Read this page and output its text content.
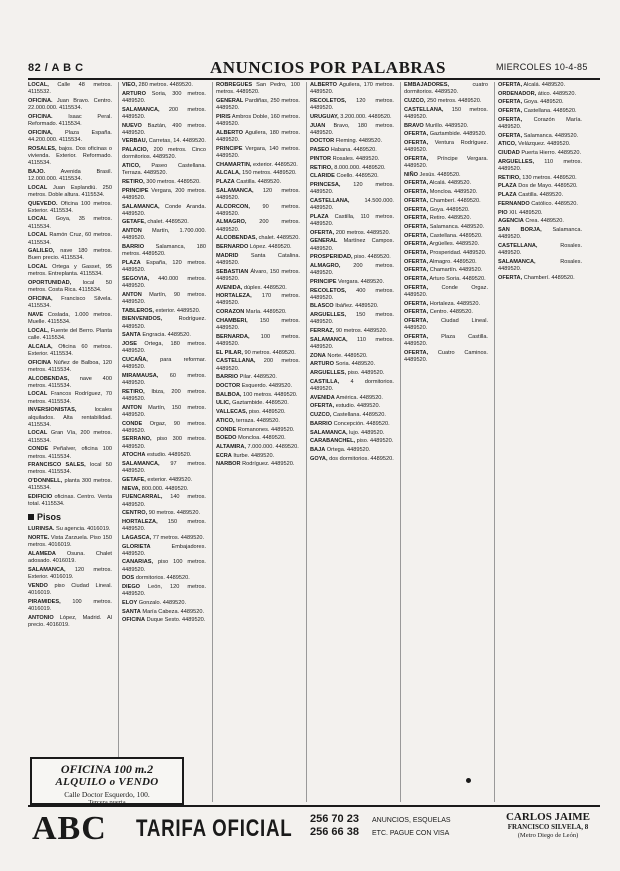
82 / A B C	ANUNCIOS POR PALABRAS	MIERCOLES 10-4-85

LOCAL, Calle 48 metros. 4115532.

OFICINA. Juan Bravo. Centro. 22.000.000. 4115534.

OFICINA.	Isaac Peral. Reformado. 4115534.

OFICINA, Plaza España. 44.200.000. 4115534.

ROSALES, bajos. Dos oficinas o vivienda. Exterior. Reformado. 4115534.

BAJO.	Avenida Brasil. 12.000.000. 4115534.

LOCAL Juan Esplandiú. 250 metros. Doble altura. 4115534.

QUEVEDO. Oficina 100 metros. Exterior. 4115534.

LOCAL Goya, 35 metros. 4115534.

LOCAL Ramón Cruz, 60 metros. 4115534.

GALILEO, nave 180 metros. Buen precio. 4115534.

LOCAL Ortega y Gasset, 95 metros. Entreplanta. 4115534.

OPORTUNIDAD, local 50 metros. Costa Rica. 4115534.

OFICINA, Francisco Silvela. 4115534.

NAVE Coslada, 1.000 metros. Muelle. 4115534.

LOCAL, Fuente del Berro. Planta calle. 4115534.

ALCALA, Oficina 60 metros. Exterior. 4115534.

OFICINA Núñez de Balboa, 120 metros. 4115534.

ALCOBENDAS, nave 400 metros. 4115534.

LOCAL Francos Rodríguez, 70 metros. 4115534.

INVERSIONISTAS,	locales alquilados. Alta rentabilidad. 4115534.

LOCAL Gran Vía, 200 metros. 4115534.

CONDE Peñalver, oficina 100 metros. 4115534.

FRANCISCO SALES, local 50 metros. 4115534.

O'DONNELL, planta 300 metros. 4115534.

EDIFICIO oficinas. Centro. Venta total. 4115534.

Pisos

LURINSA. Su agencia. 4016019.

NORTE. Vista Zarzuela. Piso 150 metros. 4016019.

ALAMEDA Osuna. Chalet adosado. 4016019.

SALAMANCA, 120 metros. Exterior. 4016019.

VENDO piso Ciudad Lineal. 4016019.

PIRAMIDES, 100 metros. 4016019.

ANTONIO López, Madrid. Al precio. 4016019.

VIEO, 280 metros. 4489520.

ARTURO Soria, 300 metros. 4489520.

SALAMANCA, 200 metros. 4489520.

NUEVO Baztán, 490 metros. 4489520.

VERBAU, Carretas, 14. 4489520.

PALACIO, 200 metros. Cinco dormitorios. 4489520.

ATICO, Paseo Castellana. Terraza. 4489520.

RETIRO, 300 metros. 4489520.

PRINCIPE Vergara, 200 metros. 4489520.

SALAMANCA, Conde Aranda. 4489520.

GETAFE, chalet. 4489520.

ANTON Martín, 1.700.000. 4489520.

BARRIO Salamanca, 180 metros. 4489520.

PLAZA España, 120 metros. 4489520.

SEGOVIA, 440.000 metros. 4489520.

ANTON Martín, 90 metros. 4489520.

TABLEROS, exterior. 4489520.

BIENVENIDOS,	Rodríguez. 4489520.

SANTA Engracia. 4489520.

JOSE Ortega, 180 metros. 4489520.

CUCAÑA, para reformar. 4489520.

MIRAMAUSA, 60 metros. 4489520.

RETIRO, Ibiza, 200 metros. 4489520.

ANTON Martín, 150 metros. 4489520.

CONDE Orgaz, 90 metros. 4489520.

SERRANO, piso 300 metros. 4489520.

ATOCHA estudio. 4489520.

SALAMANCA, 97 metros. 4489520.

GETAFE, exterior. 4489520.

NIEVA, 800.000. 4489520.

FUENCARRAL, 140 metros. 4489520.

CENTRO, 90 metros. 4489520.

HORTALEZA, 150 metros. 4489520.

LAGASCA, 77 metros. 4489520.

GLORIETA	Embajadores. 4489520.

CANARIAS, piso 100 metros. 4489520.

DOS dormitorios. 4489520.

DIEGO León, 120 metros. 4489520.

ELOY Gonzalo. 4489520.

SANTA María Cabeza. 4489520.

OFICINA Duque Sesto. 4489520.

ROBREGUES San Pedro, 100 metros. 4489520.

GENERAL Pardiñas, 250 metros. 4489520.

PIRIS Ambros Doble, 160 metros. 4489520.

ALBERTO Aguilera, 180 metros. 4489520.

PRINCIPE Vergara, 140 metros. 4489520.

CHAMARTIN, exterior. 4489520.

ALCALA, 150 metros. 4489520.

PLAZA Castilla. 4489520.

SALAMANCA, 120 metros. 4489520.

ALCORCON, 90 metros. 4489520.

ALMAGRO, 200 metros. 4489520.

ALCOBENDAS, chalet. 4489520.

BERNARDO López. 4489520.

MADRID Santa Catalina. 4489520.

SEBASTIAN Álvaro, 150 metros. 4489520.

AVENIDA, dúplex. 4489520.

HORTALEZA, 170 metros. 4489520.

CORAZON María. 4489520.

CHAMBERI, 150 metros. 4489520.

BERNARDA, 100 metros. 4489520.

EL PILAR, 90 metros. 4489520.

CASTELLANA, 200 metros. 4489520.

BARRIO Pilar. 4489520.

DOCTOR Esquerdo. 4489520.

BALBOA, 100 metros. 4489520.

ULIC, Gaztambide. 4489520.

VALLECAS, piso. 4489520.

ATICO, terraza. 4489520.

CONDE Romanones. 4489520.

BOEDO Moncloa. 4489520.

ALTAMIRA, 7.000.000. 4489520.

ECRA Iturbe. 4489520.

NARBOR Rodríguez. 4489520.

ALBERTO Aguilera, 170 metros. 4489520.

RECOLETOS, 120 metros. 4489520.

URUGUAY, 3.200.000. 4489520.

JUAN Bravo, 180 metros. 4489520.

DOCTOR Fleming. 4489520.

PASEO Habana. 4489520.

PINTOR Rosales. 4489520.

RETIRO, 8.000.000. 4489520.

CLARIDE Coello. 4489520.

PRINCESA, 120 metros. 4489520.

CASTELLANA,	14.500.000. 4489520.

PLAZA Castilla, 110 metros. 4489520.

OFERTA, 200 metros. 4489520.

GENERAL Martínez Campos. 4489520.

PROSPERIDAD, piso. 4489520.

ALMAGRO, 200 metros. 4489520.

PRINCIPE Vergara. 4489520.

RECOLETOS, 400 metros. 4489520.

BLASCO Ibáñez. 4489520.

ARGUELLES, 150 metros. 4489520.

FERRAZ, 90 metros. 4489520.

SALAMANCA, 110 metros. 4489520.

ZONA Norte. 4489520.

ARTURO Soria. 4489520.

ARGUELLES, piso. 4489520.

CASTILLA, 4 dormitorios. 4489520.

AVENIDA América. 4489520.

OFERTA, estudio. 4489520.

CUZCO, Castellana. 4489520.

BARRIO Concepción. 4489520.

SALAMANCA, lujo. 4489520.

CARABANCHEL, piso. 4489520.

BAJA Ortega. 4489520.

GOYA, dos dormitorios. 4489520.

EMBAJADORES,	cuatro dormitorios. 4489520.

CUZCO, 250 metros. 4489520.

CASTELLANA, 150 metros. 4489520.

BRAVO Murillo. 4489520.

OFERTA, Gaztambide. 4489520.

OFERTA, Ventura Rodríguez. 4489520.

OFERTA, Príncipe Vergara. 4489520.

NIÑO Jesús. 4489520.

OFERTA, Alcalá. 4489520.

OFERTA, Moncloa. 4489520.

OFERTA, Chamberí. 4489520.

OFERTA, Goya. 4489520.

OFERTA, Retiro. 4489520.

OFERTA, Salamanca. 4489520.

OFERTA, Castellana. 4489520.

OFERTA, Argüelles. 4489520.

OFERTA, Prosperidad. 4489520.

OFERTA, Almagro. 4489520.

OFERTA, Chamartín. 4489520.

OFERTA, Arturo Soria. 4489520.

OFERTA, Conde Orgaz. 4489520.

OFERTA, Hortaleza. 4489520.

OFERTA, Centro. 4489520.

OFERTA, Ciudad Lineal. 4489520.

OFERTA, Plaza Castilla. 4489520.

OFERTA, Cuatro Caminos. 4489520.

OFERTA, Alcalá. 4489520.

ORDENADOR, ático. 4489520.

OFERTA, Goya. 4489520.

OFERTA, Castellana. 4489520.

OFERTA, Corazón María. 4489520.

OFERTA, Salamanca. 4489520.

ATICO, Velázquez. 4489520.

CIUDAD Puerta Hierro. 4489520.

ARGUELLES, 110 metros. 4489520.

RETIRO, 130 metros. 4489520.

PLAZA Dos de Mayo. 4489520.

PLAZA Castilla. 4489520.

FERNANDO Católico. 4489520.

PIO XII. 4489520.

AGENCIA Crea. 4489520.

SAN BORJA, Salamanca. 4489520.

CASTELLANA,	Rosales. 4489520.

SALAMANCA,	Rosales. 4489520.

OFERTA, Chamberí. 4489520.

OFICINA 100 m.2
ALQUILO o VENDO
Calle Doctor Esquerdo, 100.
Tercera puerta
ABC TARIFA OFICIAL 256 70 23
256 66 38
ANUNCIOS, ESQUELAS
ETC. PAGUE CON VISA
CARLOS JAIME
FRANCISCO SILVELA, 8
(Metro Diego de León)
